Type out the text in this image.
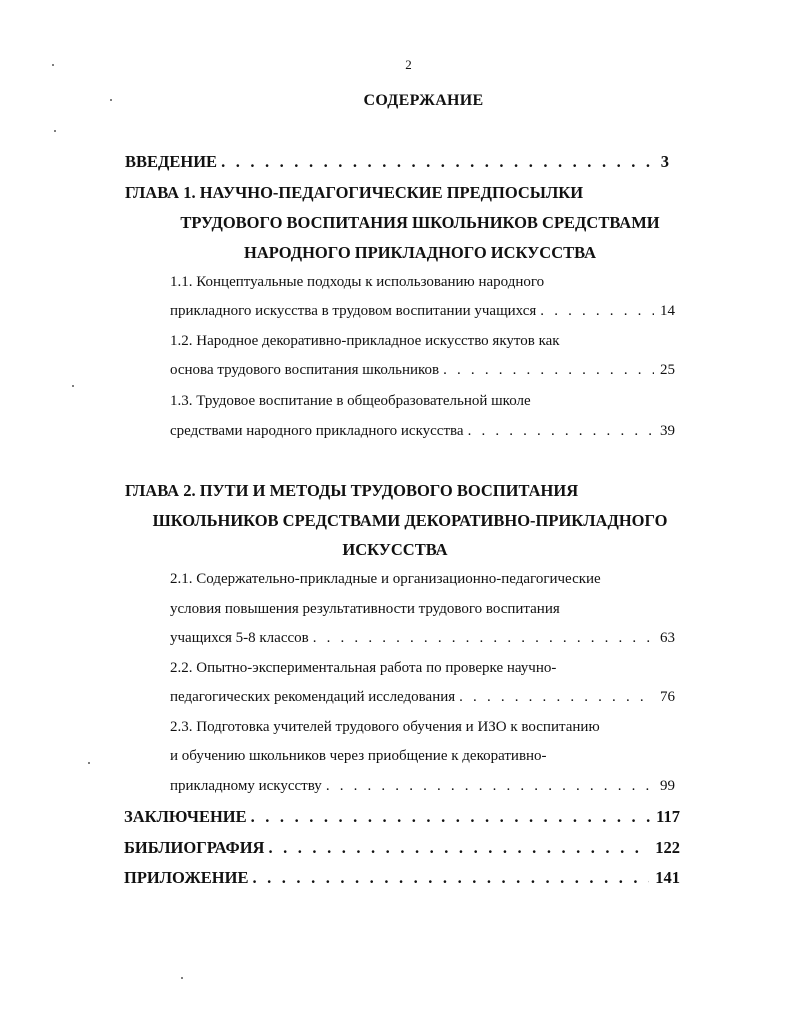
2
СОДЕРЖАНИЕ
ВВЕДЕНИЕ . . .	3
ГЛАВА 1. НАУЧНО-ПЕДАГОГИЧЕСКИЕ ПРЕДПОСЫЛКИ
ТРУДОВОГО ВОСПИТАНИЯ ШКОЛЬНИКОВ СРЕДСТВАМИ
НАРОДНОГО ПРИКЛАДНОГО ИСКУССТВА
1.1. Концептуальные подходы к использованию народного
прикладного искусства в трудовом воспитании учащихся . . .	14
1.2. Народное декоративно-прикладное искусство якутов как
основа трудового воспитания школьников . . .	25
1.3. Трудовое воспитание в общеобразовательной школе
средствами народного прикладного искусства . . .	39
ГЛАВА 2. ПУТИ И МЕТОДЫ ТРУДОВОГО ВОСПИТАНИЯ
ШКОЛЬНИКОВ СРЕДСТВАМИ ДЕКОРАТИВНО-ПРИКЛАДНОГО
ИСКУССТВА
2.1. Содержательно-прикладные и организационно-педагогические
условия повышения результативности трудового воспитания
учащихся 5-8 классов . . .	63
2.2. Опытно-экспериментальная работа по проверке научно-
педагогических рекомендаций исследования . . .	76
2.3. Подготовка учителей трудового обучения и ИЗО к воспитанию
и обучению школьников через приобщение к декоративно-
прикладному искусству . . .	99
ЗАКЛЮЧЕНИЕ . . .	117
БИБЛИОГРАФИЯ . . .	122
ПРИЛОЖЕНИЕ . . .	141
